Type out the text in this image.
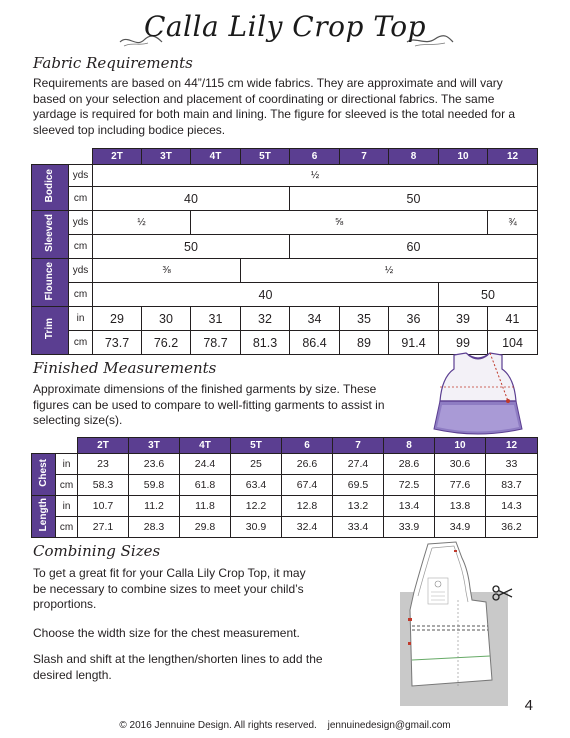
Calla Lily Crop Top
Fabric Requirements
Requirements are based on 44”/115 cm wide fabrics. They are approximate and will vary
based on your selection and placement of coordinating or directional fabrics. The same
yardage is required for both main and lining. The figure for sleeved is the total needed for a
sleeved top including bodice pieces.
		2T	3T	4T	5T	6	7	8	10	12
Bodice	yds	½								
	cm	40				50				
Sleeved	yds	½		⅝						¾
	cm	50				60				
Flounce	yds	⅜			½					
	cm	40							50	
Trim	in	29	30	31	32	34	35	36	39	41
	cm	73.7	76.2	78.7	81.3	86.4	89	91.4	99	104
Finished Measurements
Approximate dimensions of the finished garments by size. These
figures can be used to compare to well-fitting garments to assist in
selecting size(s).
		2T	3T	4T	5T	6	7	8	10	12
Chest	in	23	23.6	24.4	25	26.6	27.4	28.6	30.6	33
	cm	58.3	59.8	61.8	63.4	67.4	69.5	72.5	77.6	83.7
Length	in	10.7	11.2	11.8	12.2	12.8	13.2	13.4	13.8	14.3
	cm	27.1	28.3	29.8	30.9	32.4	33.4	33.9	34.9	36.2
Combining Sizes
To get a great fit for your Calla Lily Crop Top, it may
be necessary to combine sizes to meet your child’s
proportions.
Choose the width size for the chest measurement.
Slash and shift at the lengthen/shorten lines to add the
desired length.
4
© 2016 Jennuine Design. All rights reserved. jennuinedesign@gmail.com
